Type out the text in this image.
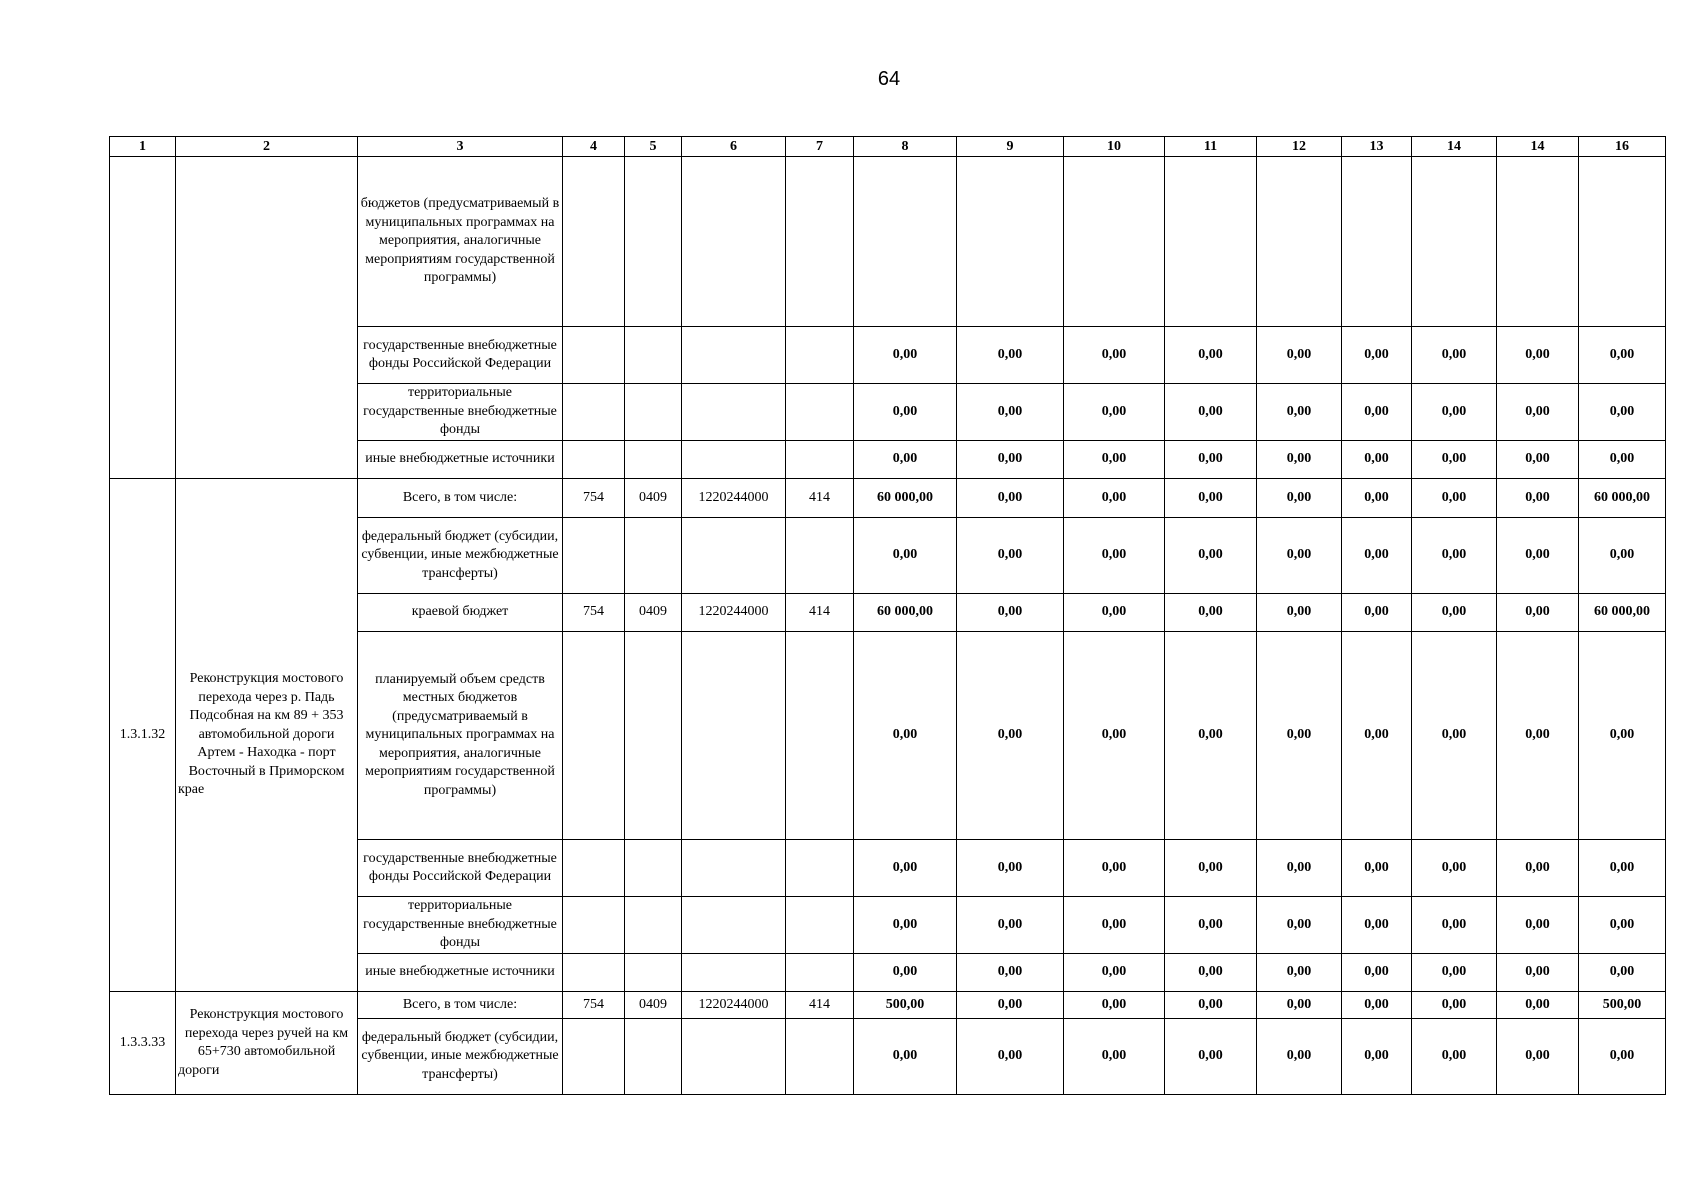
64
1	2	3	4	5	6	7	8	9	10	11	12	13	14	14	16
		бюджетов (предусматриваемый в муниципальных программах на мероприятия, аналогичные мероприятиям государственной программы)													
		государственные внебюджетные фонды Российской Федерации					0,00	0,00	0,00	0,00	0,00	0,00	0,00	0,00	0,00
		территориальные государственные внебюджетные фонды					0,00	0,00	0,00	0,00	0,00	0,00	0,00	0,00	0,00
		иные внебюджетные источники					0,00	0,00	0,00	0,00	0,00	0,00	0,00	0,00	0,00
1.3.1.32	Реконструкция мостового перехода через р. Падь Подсобная на км 89 + 353 автомобильной дороги Артем - Находка - порт Восточный в Приморском крае	Всего, в том числе:	754	0409	1220244000	414	60 000,00	0,00	0,00	0,00	0,00	0,00	0,00	0,00	60 000,00
		федеральный бюджет (субсидии, субвенции, иные межбюджетные трансферты)					0,00	0,00	0,00	0,00	0,00	0,00	0,00	0,00	0,00
		краевой бюджет	754	0409	1220244000	414	60 000,00	0,00	0,00	0,00	0,00	0,00	0,00	0,00	60 000,00
		планируемый объем средств местных бюджетов (предусматриваемый в муниципальных программах на мероприятия, аналогичные мероприятиям государственной программы)					0,00	0,00	0,00	0,00	0,00	0,00	0,00	0,00	0,00
		государственные внебюджетные фонды Российской Федерации					0,00	0,00	0,00	0,00	0,00	0,00	0,00	0,00	0,00
		территориальные государственные внебюджетные фонды					0,00	0,00	0,00	0,00	0,00	0,00	0,00	0,00	0,00
		иные внебюджетные источники					0,00	0,00	0,00	0,00	0,00	0,00	0,00	0,00	0,00
1.3.3.33	Реконструкция мостового перехода через ручей на км 65+730 автомобильной дороги	Всего, в том числе:	754	0409	1220244000	414	500,00	0,00	0,00	0,00	0,00	0,00	0,00	0,00	500,00
		федеральный бюджет (субсидии, субвенции, иные межбюджетные трансферты)					0,00	0,00	0,00	0,00	0,00	0,00	0,00	0,00	0,00
